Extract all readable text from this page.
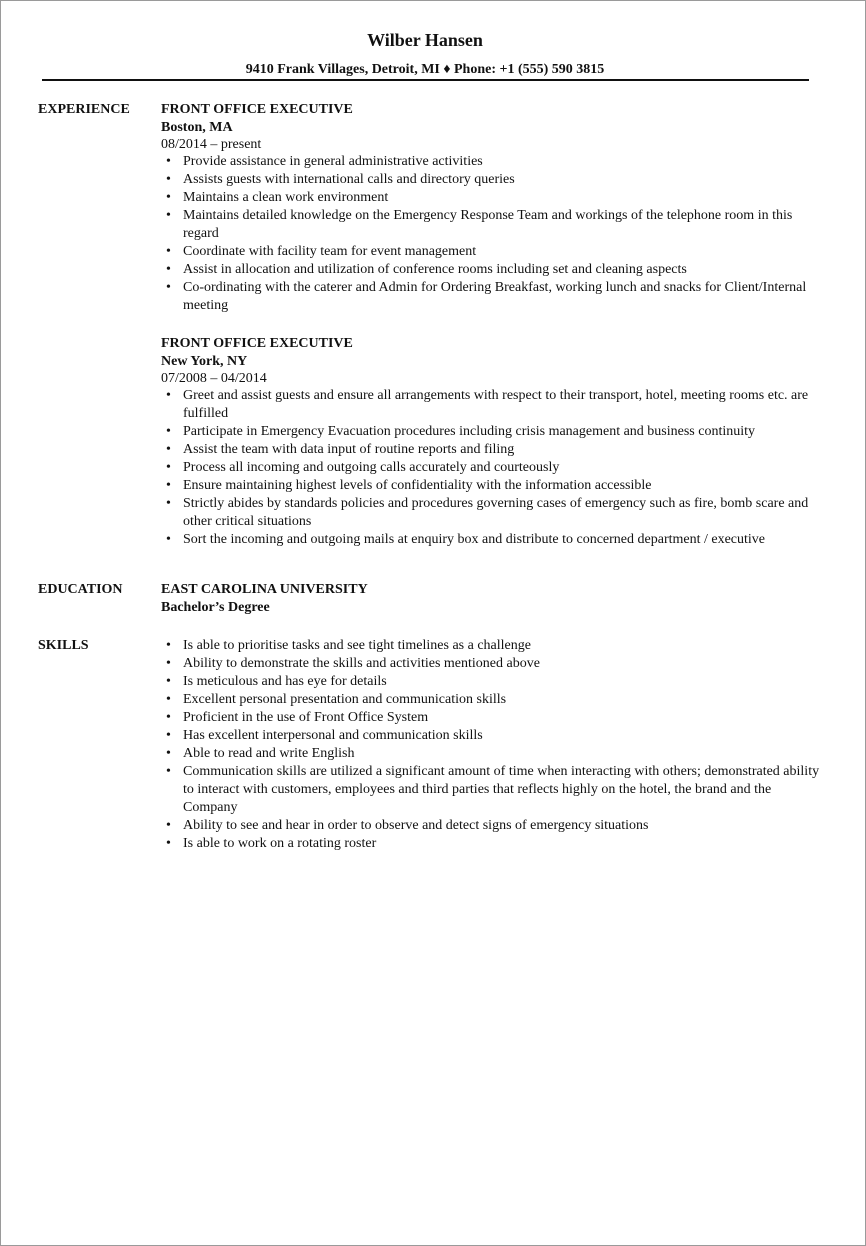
Wilber Hansen
9410 Frank Villages, Detroit, MI ♦ Phone: +1 (555) 590 3815
EXPERIENCE FRONT OFFICE EXECUTIVE
Boston, MA
08/2014 – present
• Provide assistance in general administrative activities
• Assists guests with international calls and directory queries
• Maintains a clean work environment
• Maintains detailed knowledge on the Emergency Response Team and workings of the telephone room in this regard
• Coordinate with facility team for event management
• Assist in allocation and utilization of conference rooms including set and cleaning aspects
• Co-ordinating with the caterer and Admin for Ordering Breakfast, working lunch and snacks for Client/Internal meeting
FRONT OFFICE EXECUTIVE
New York, NY
07/2008 – 04/2014
• Greet and assist guests and ensure all arrangements with respect to their transport, hotel, meeting rooms etc. are fulfilled
• Participate in Emergency Evacuation procedures including crisis management and business continuity
• Assist the team with data input of routine reports and filing
• Process all incoming and outgoing calls accurately and courteously
• Ensure maintaining highest levels of confidentiality with the information accessible
• Strictly abides by standards policies and procedures governing cases of emergency such as fire, bomb scare and other critical situations
• Sort the incoming and outgoing mails at enquiry box and distribute to concerned department / executive
EDUCATION	EAST CAROLINA UNIVERSITY
Bachelor’s Degree
SKILLS
•	Is able to prioritise tasks and see tight timelines as a challenge
• Ability to demonstrate the skills and activities mentioned above
• Is meticulous and has eye for details
• Excellent personal presentation and communication skills
• Proficient in the use of Front Office System
• Has excellent interpersonal and communication skills
• Able to read and write English
• Communication skills are utilized a significant amount of time when interacting with others; demonstrated ability to interact with customers, employees and third parties that reflects highly on the hotel, the brand and the Company
• Ability to see and hear in order to observe and detect signs of emergency situations
• Is able to work on a rotating roster
